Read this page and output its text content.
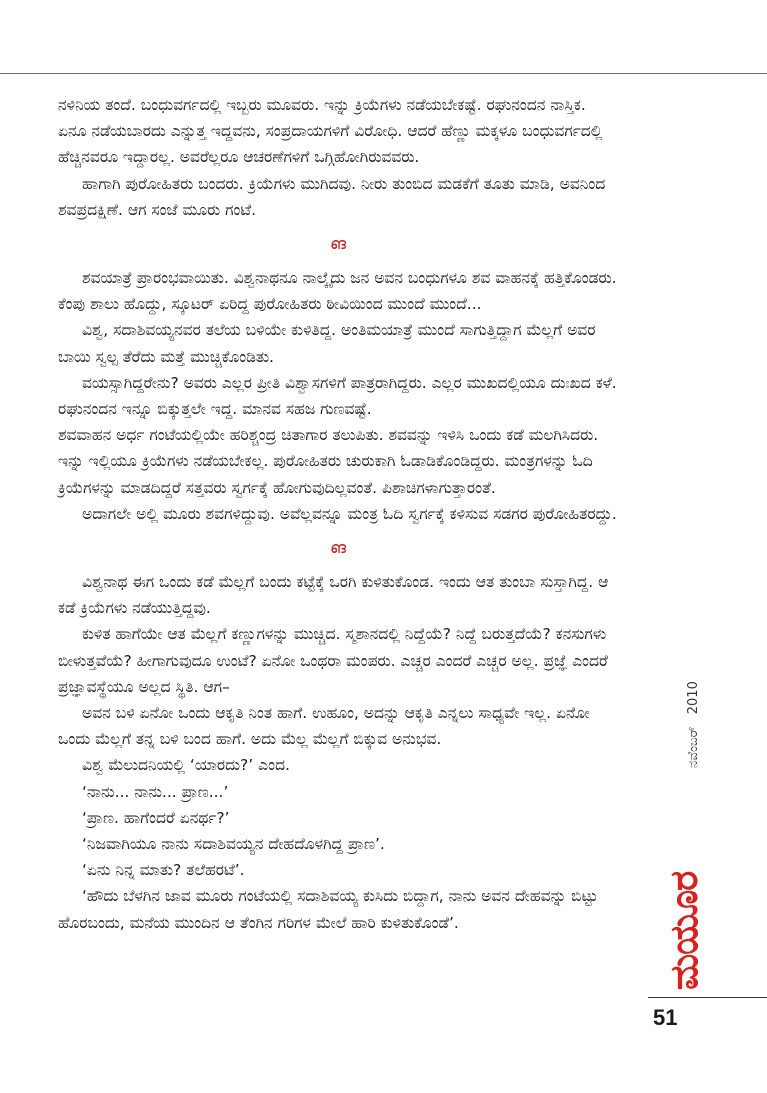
ನಳಿನಿಯ ತಂದೆ. ಬಂಧುವರ್ಗದಲ್ಲಿ ಇಬ್ಬರು ಮೂವರು. ಇನ್ನು ಕ್ರಿಯೆಗಳು ನಡೆಯಬೇಕಷ್ಟೆ. ರಘುನಂದನ ನಾಸ್ತಿಕ. ಏನೂ ನಡೆಯಬಾರದು ಎನ್ನುತ್ತ ಇದ್ದವನು, ಸಂಪ್ರದಾಯಗಳಿಗೆ ವಿರೋಧಿ. ಆದರೆ ಹೆಣ್ಣು ಮಕ್ಕಳೂ ಬಂಧುವರ್ಗದಲ್ಲಿ ಹೆಚ್ಚಿನವರೂ ಇದ್ದಾರಲ್ಲ. ಅವರೆಲ್ಲರೂ ಆಚರಣೆಗಳಿಗೆ ಒಗ್ಗಿಹೋಗಿರುವವರು.

ಹಾಗಾಗಿ ಪುರೋಹಿತರು ಬಂದರು. ಕ್ರಿಯೆಗಳು ಮುಗಿದವು. ನೀರು ತುಂಬಿದ ಮಡಕೆಗೆ ತೂತು ಮಾಡಿ, ಅವನಿಂದ ಶವಪ್ರದಕ್ಷಿಣೆ. ಆಗ ಸಂಜೆ ಮೂರು ಗಂಟೆ.

ങ

ಶವಯಾತ್ರೆ ಪ್ರಾರಂಭವಾಯಿತು. ವಿಶ್ವನಾಥನೂ ನಾಲ್ಕೈದು ಜನ ಅವನ ಬಂಧುಗಳೂ ಶವ ವಾಹನಕ್ಕೆ ಹತ್ತಿಕೊಂಡರು. ಕೆಂಪು ಶಾಲು ಹೊದ್ದು, ಸ್ಕೂಟರ್ ಏರಿದ್ದ ಪುರೋಹಿತರು ಠೀವಿಯಿಂದ ಮುಂದೆ ಮುಂದೆ...

ವಿಶ್ವ, ಸದಾಶಿವಯ್ಯನವರ ತಲೆಯ ಬಳಿಯೇ ಕುಳಿತಿದ್ದ. ಅಂತಿಮಯಾತ್ರೆ ಮುಂದೆ ಸಾಗುತ್ತಿದ್ದಾಗ ಮೆಲ್ಲಗೆ ಅವರ ಬಾಯಿ ಸ್ವಲ್ಪ ತೆರೆದು ಮತ್ತೆ ಮುಚ್ಚಿಕೊಂಡಿತು.

ವಯಸ್ಸಾಗಿದ್ದರೇನು? ಅವರು ಎಲ್ಲರ ಪ್ರೀತಿ ವಿಶ್ವಾಸಗಳಿಗೆ ಪಾತ್ರರಾಗಿದ್ದರು. ಎಲ್ಲರ ಮುಖದಲ್ಲಿಯೂ ದುಃಖದ ಕಳೆ. ರಘುನಂದನ ಇನ್ನೂ ಬಿಕ್ಕುತ್ತಲೇ ಇದ್ದ. ಮಾನವ ಸಹಜ ಗುಣವಷ್ಟೆ.

ಶವವಾಹನ ಅರ್ಧ ಗಂಟೆಯಲ್ಲಿಯೇ ಹರಿಶ್ಚಂದ್ರ ಚಿತಾಗಾರ ತಲುಪಿತು. ಶವವನ್ನು ಇಳಿಸಿ ಒಂದು ಕಡೆ ಮಲಗಿಸಿದರು. ಇನ್ನು ಇಲ್ಲಿಯೂ ಕ್ರಿಯೆಗಳು ನಡೆಯಬೇಕಲ್ಲ. ಪುರೋಹಿತರು ಚುರುಕಾಗಿ ಓಡಾಡಿಕೊಂಡಿದ್ದರು. ಮಂತ್ರಗಳನ್ನು ಓದಿ ಕ್ರಿಯೆಗಳನ್ನು ಮಾಡದಿದ್ದರೆ ಸತ್ತವರು ಸ್ವರ್ಗಕ್ಕೆ ಹೋಗುವುದಿಲ್ಲವಂತೆ. ಪಿಶಾಚಿಗಳಾಗುತ್ತಾರಂತೆ.

ಅದಾಗಲೇ ಅಲ್ಲಿ ಮೂರು ಶವಗಳಿದ್ದುವು. ಅವೆಲ್ಲವನ್ನೂ ಮಂತ್ರ ಓದಿ ಸ್ವರ್ಗಕ್ಕೆ ಕಳಿಸುವ ಸಡಗರ ಪುರೋಹಿತರದ್ದು.

ങ

ವಿಶ್ವನಾಥ ಈಗ ಒಂದು ಕಡೆ ಮೆಲ್ಲಗೆ ಬಂದು ಕಟ್ಟೆಕ್ಕೆ ಒರಗಿ ಕುಳಿತುಕೊಂಡ. ಇಂದು ಆತ ತುಂಬಾ ಸುಸ್ತಾಗಿದ್ದ. ಆ ಕಡೆ ಕ್ರಿಯೆಗಳು ನಡೆಯುತ್ತಿದ್ದವು.

ಕುಳಿತ ಹಾಗೆಯೇ ಆತ ಮೆಲ್ಲಗೆ ಕಣ್ಣುಗಳನ್ನು ಮುಚ್ಚಿದ. ಸ್ಮಶಾನದಲ್ಲಿ ನಿದ್ದೆಯೆ? ನಿದ್ದೆ ಬರುತ್ತದೆಯೆ? ಕನಸುಗಳು ಬೀಳುತ್ತವೆಯೆ? ಹೀಗಾಗುವುದೂ ಉಂಟೆ? ಏನೋ ಒಂಥರಾ ಮಂಪರು. ಎಚ್ಚರ ಎಂದರೆ ಎಚ್ಚರ ಅಲ್ಲ. ಪ್ರಜ್ಞೆ ಎಂದರೆ ಪ್ರಜ್ಞಾವಸ್ಥೆಯೂ ಅಲ್ಲದ ಸ್ಥಿತಿ. ಆಗ–

ಅವನ ಬಳಿ ಏನೋ ಒಂದು ಆಕೃತಿ ನಿಂತ ಹಾಗೆ. ಉಹೂಂ, ಅದನ್ನು ಆಕೃತಿ ಎನ್ನಲು ಸಾಧ್ಯವೇ ಇಲ್ಲ. ಏನೋ ಒಂದು ಮೆಲ್ಲಗೆ ತನ್ನ ಬಳಿ ಬಂದ ಹಾಗೆ. ಅದು ಮೆಲ್ಲ ಮೆಲ್ಲಗೆ ಬಿಕ್ಕುವ ಅನುಭವ.

ವಿಶ್ವ ಮೆಲುದನಿಯಲ್ಲಿ ‘ಯಾರದು?’ ಎಂದ.

‘ನಾನು... ನಾನು... ಪ್ರಾಣ...’

‘ಪ್ರಾಣ. ಹಾಗೆಂದರೆ ಏನರ್ಥ?’

‘ನಿಜವಾಗಿಯೂ ನಾನು ಸದಾಶಿವಯ್ಯನ ದೇಹದೊಳಗಿದ್ದ ಪ್ರಾಣ’.

‘ಏನು ನಿನ್ನ ಮಾತು? ತಲೆಹರಟೆ’.

‘ಹೌದು ಬೆಳಗಿನ ಜಾವ ಮೂರು ಗಂಟೆಯಲ್ಲಿ ಸದಾಶಿವಯ್ಯ ಕುಸಿದು ಬಿದ್ದಾಗ, ನಾನು ಅವನ ದೇಹವನ್ನು ಬಿಟ್ಟು ಹೊರಬಂದು, ಮನೆಯ ಮುಂದಿನ ಆ ತೆಂಗಿನ ಗರಿಗಳ ಮೇಲೆ ಹಾರಿ ಕುಳಿತುಕೊಂಡೆ’.

ನವೆಂಬರ್2010
ಮಯೂರ
51
